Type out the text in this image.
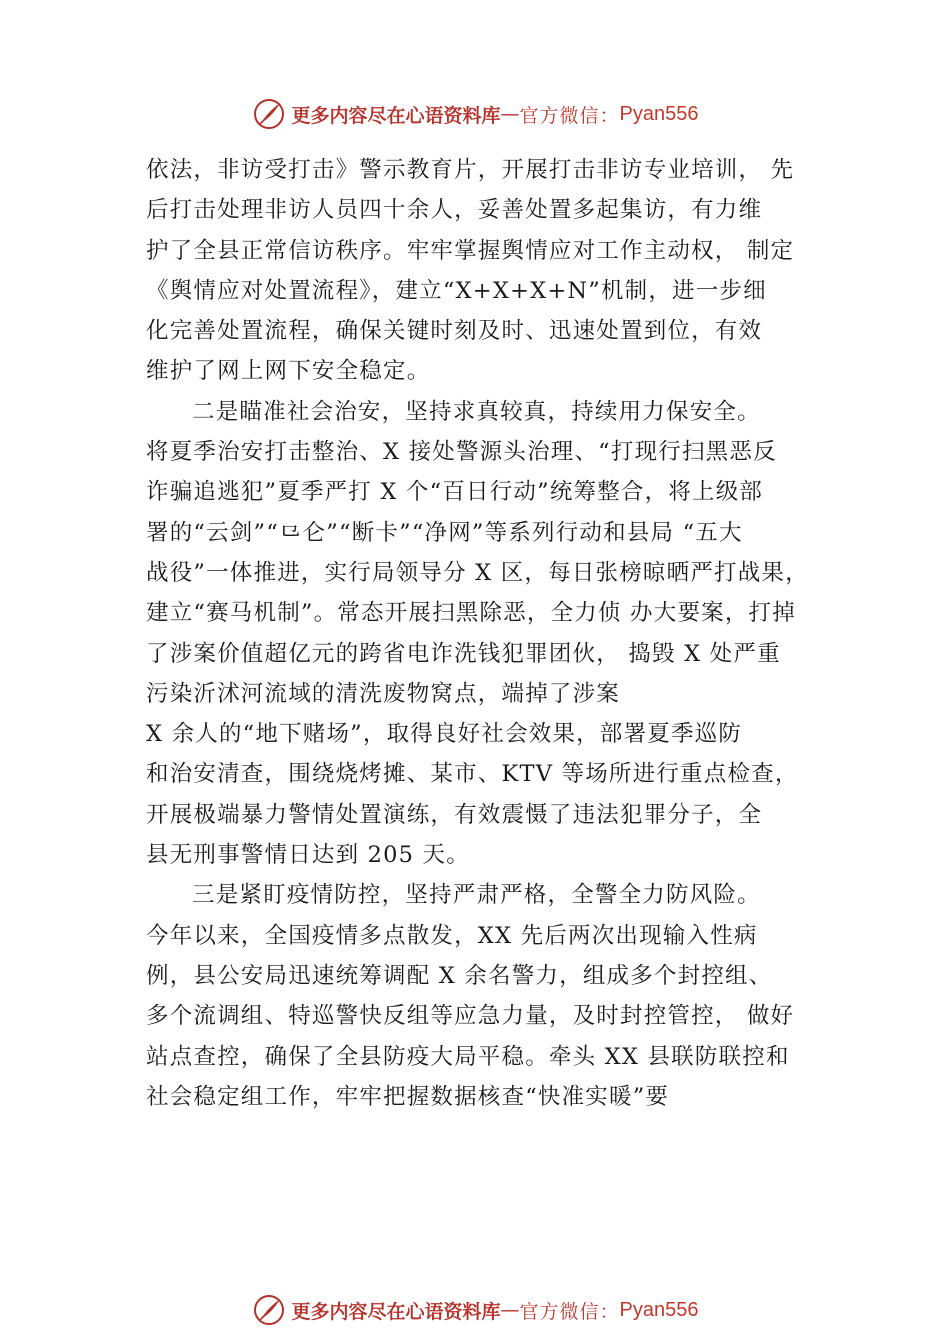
更多内容尽在心语资料库 — 官方微信： Pyan556
依法，非访受打击》警示教育片，开展打击非访专业培训， 先
后打击处理非访人员四十余人，妥善处置多起集访，有力维
护了全县正常信访秩序。牢牢掌握舆情应对工作主动权， 制定
《舆情应对处置流程》，建立“X+X+X+N”机制，进一步细
化完善处置流程，确保关键时刻及时、迅速处置到位，有效
维护了网上网下安全稳定。
二是瞄准社会治安，坚持求真较真，持续用力保安全。
将夏季治安打击整治、X 接处警源头治理、“打现行扫黑恶反
诈骗追逃犯”夏季严打 X 个“百日行动”统筹整合，将上级部
署的“云剑”“⺋仑”“断卡”“净网”等系列行动和县局 “五大
战役”一体推进，实行局领导分 X 区，每日张榜晾晒严打战果，
建立“赛马机制”。常态开展扫黑除恶，全力侦 办大要案，打掉
了涉案价值超亿元的跨省电诈洗钱犯罪团伙， 捣毁 X 处严重
污染沂沭河流域的清洗废物窝点，端掉了涉案
X 余人的“地下赌场”，取得良好社会效果，部署夏季巡防
和治安清查，围绕烧烤摊、某市、KTV 等场所进行重点检查，
开展极端暴力警情处置演练，有效震慑了违法犯罪分子，全
县无刑事警情日达到 205 天。
三是紧盯疫情防控，坚持严肃严格，全警全力防风险。
今年以来，全国疫情多点散发，XX 先后两次出现输入性病
例，县公安局迅速统筹调配 X 余名警力，组成多个封控组、
多个流调组、特巡警快反组等应急力量，及时封控管控， 做好
站点查控，确保了全县防疫大局平稳。牵头 XX 县联防联控和
社会稳定组工作，牢牢把握数据核查“快准实暖”要
更多内容尽在心语资料库 — 官方微信： Pyan556
